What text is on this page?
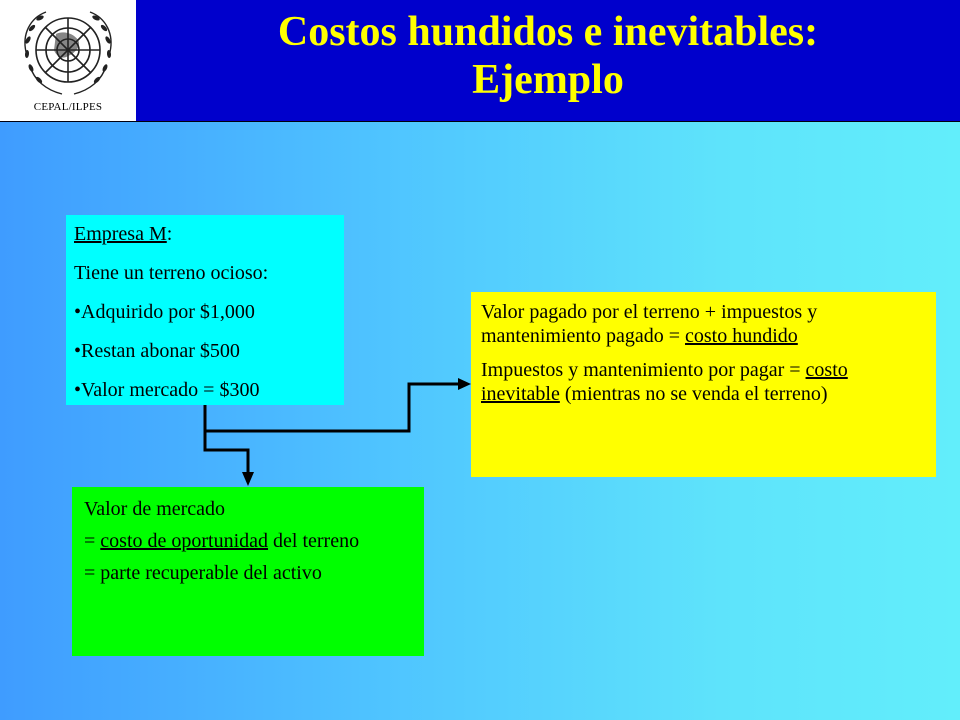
CEPAL/ILPES
Costos hundidos e inevitables:
Ejemplo

Empresa M:

Tiene un terreno ocioso:

•Adquirido por $1,000

•Restan abonar $500

•Valor mercado = $300

Valor pagado por el terreno + impuestos y mantenimiento pagado = costo hundido

Impuestos y mantenimiento por pagar = costo inevitable (mientras no se venda el terreno)

Valor de mercado

= costo de oportunidad del terreno

= parte recuperable del activo
